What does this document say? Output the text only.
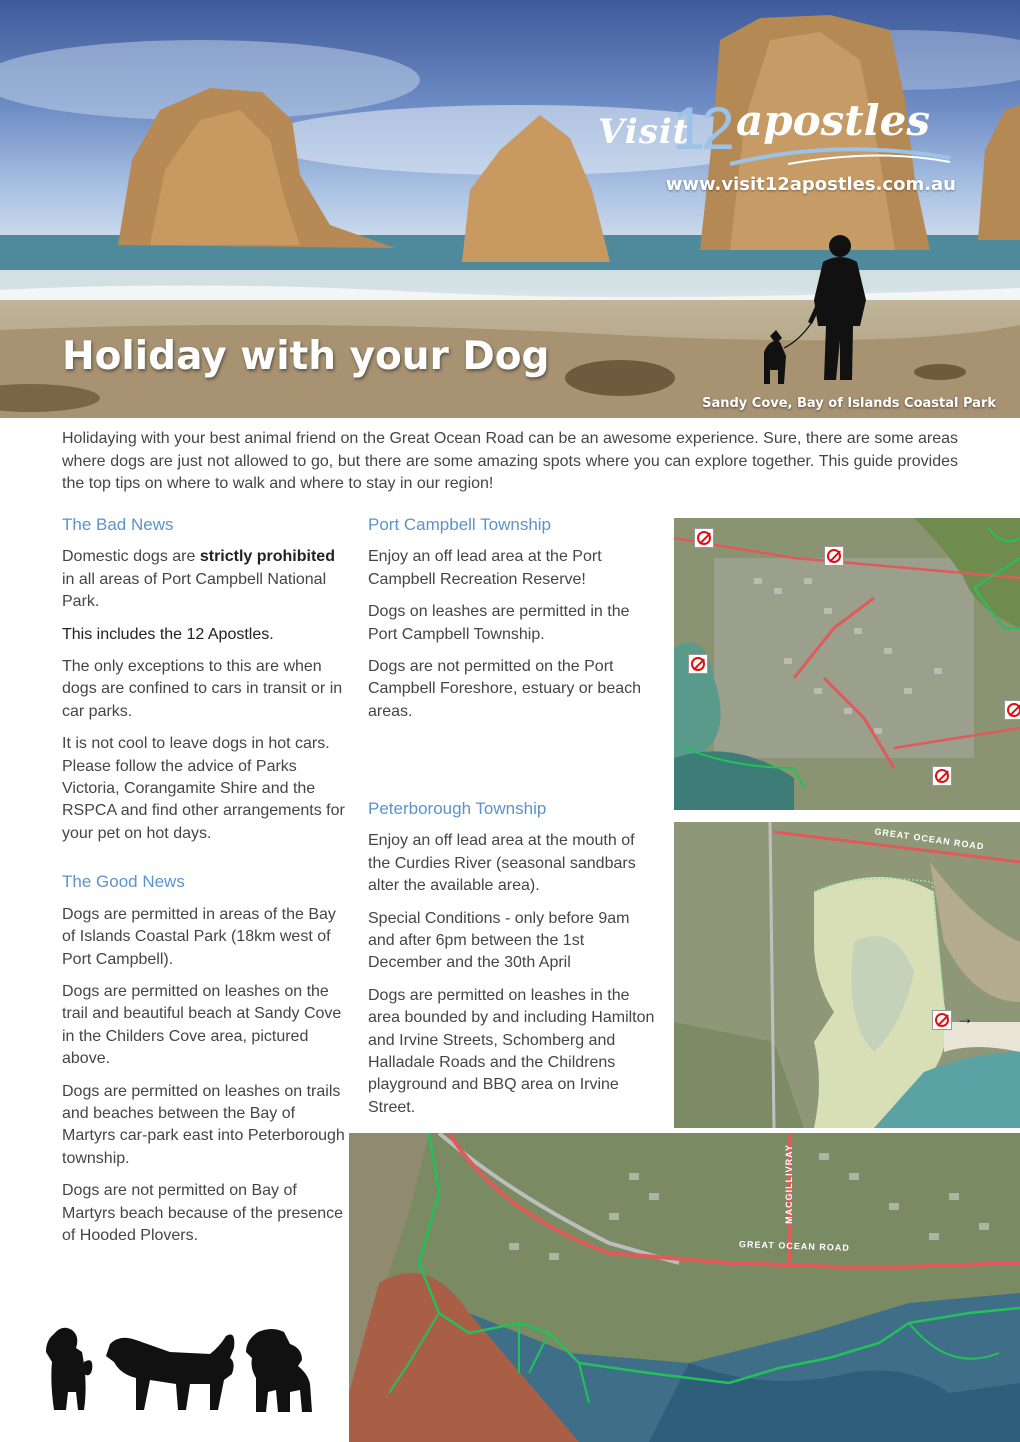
Visit
12 apostles
www.visit12apostles.com.au
Holiday with your Dog
Sandy Cove, Bay of Islands Coastal Park

Holidaying with your best animal friend on the Great Ocean Road can be an awesome experience. Sure, there are some areas where dogs are just not allowed to go, but there are some amazing spots where you can explore together. This guide provides the top tips on where to walk and where to stay in our region!

The Bad News

Domestic dogs are strictly prohibited in all areas of Port Campbell National Park.

This includes the 12 Apostles.

The only exceptions to this are when dogs are confined to cars in transit or in car parks.

It is not cool to leave dogs in hot cars. Please follow the advice of Parks Victoria, Corangamite Shire and the RSPCA and find other arrangements for your pet on hot days.

The Good News

Dogs are permitted in areas of the Bay of Islands Coastal Park (18km west of Port Campbell).

Dogs are permitted on leashes on the trail and beautiful beach at Sandy Cove in the Childers Cove area, pictured above.

Dogs are permitted on leashes on trails and beaches between the Bay of Martyrs car-park east into Peterborough township.

Dogs are not permitted on Bay of Martyrs beach because of the presence of Hooded Plovers.

Port Campbell Township

Enjoy an off lead area at the Port Campbell Recreation Reserve!

Dogs on leashes are permitted in the Port Campbell Township.

Dogs are not permitted on the Port Campbell Foreshore, estuary or beach areas.

Peterborough Township

Enjoy an off lead area at the mouth of the Curdies River (seasonal sandbars alter the available area).

Special Conditions - only before 9am and after 6pm between the 1st December and the 30th April

Dogs are permitted on leashes in the area bounded by and including Hamilton and Irvine Streets, Schomberg and Halladale Roads and the Childrens playground and BBQ area on Irvine Street.

GREAT OCEAN ROAD
→
GREAT OCEAN ROAD
MACGILLIVRAY
